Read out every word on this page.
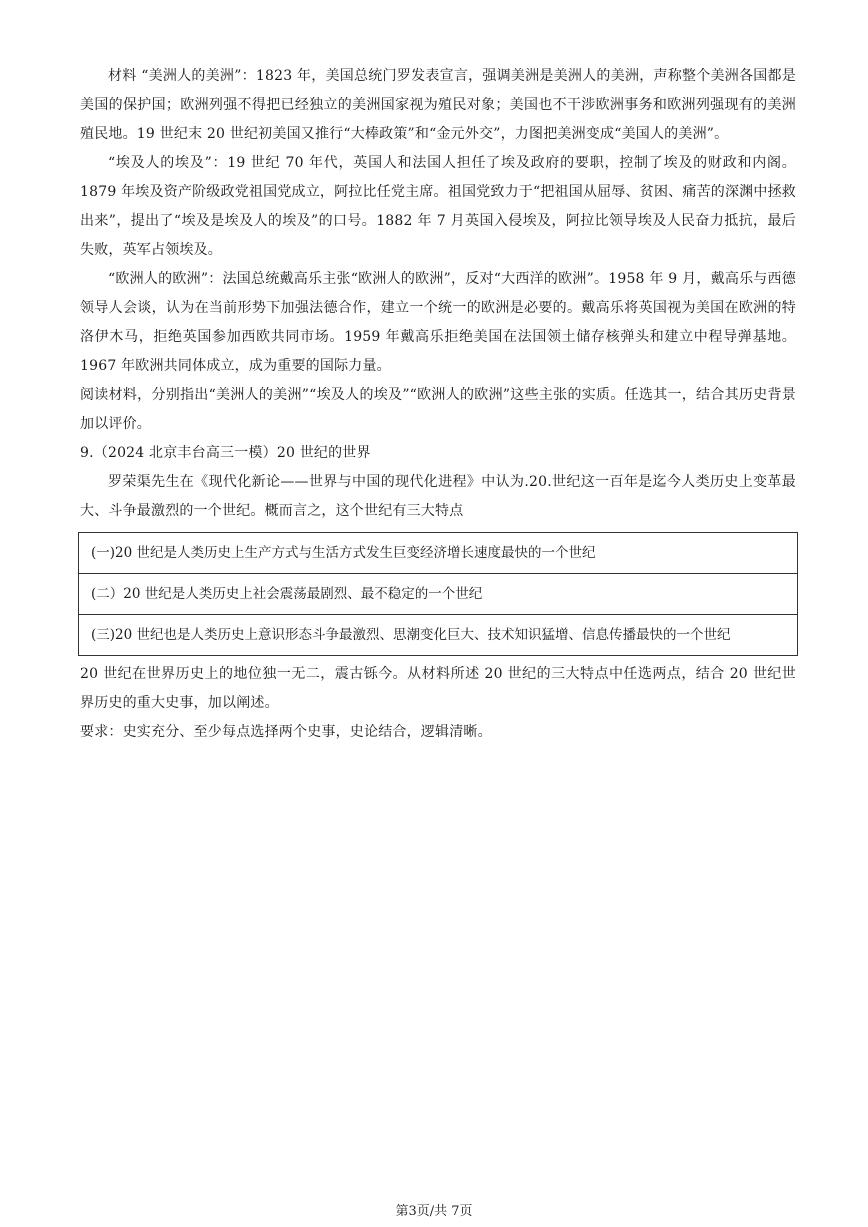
材料 “美洲人的美洲”：1823 年，美国总统门罗发表宣言，强调美洲是美洲人的美洲，声称整个美洲各国都是美国的保护国；欧洲列强不得把已经独立的美洲国家视为殖民对象；美国也不干涉欧洲事务和欧洲列强现有的美洲殖民地。19 世纪末 20 世纪初美国又推行“大棒政策”和“金元外交”，力图把美洲变成“美国人的美洲”。

“埃及人的埃及”：19 世纪 70 年代，英国人和法国人担任了埃及政府的要职，控制了埃及的财政和内阁。1879 年埃及资产阶级政党祖国党成立，阿拉比任党主席。祖国党致力于“把祖国从屈辱、贫困、痛苦的深渊中拯救出来”，提出了“埃及是埃及人的埃及”的口号。1882 年 7 月英国入侵埃及，阿拉比领导埃及人民奋力抵抗，最后失败，英军占领埃及。

“欧洲人的欧洲”：法国总统戴高乐主张“欧洲人的欧洲”，反对“大西洋的欧洲”。1958 年 9 月，戴高乐与西德领导人会谈，认为在当前形势下加强法德合作，建立一个统一的欧洲是必要的。戴高乐将英国视为美国在欧洲的特洛伊木马，拒绝英国参加西欧共同市场。1959 年戴高乐拒绝美国在法国领土储存核弹头和建立中程导弹基地。1967 年欧洲共同体成立，成为重要的国际力量。

阅读材料，分别指出“美洲人的美洲”“埃及人的埃及”“欧洲人的欧洲”这些主张的实质。任选其一，结合其历史背景加以评价。

9.（2024 北京丰台高三一模）20 世纪的世界

罗荣渠先生在《现代化新论——世界与中国的现代化进程》中认为.20.世纪这一百年是迄今人类历史上变革最大、斗争最激烈的一个世纪。概而言之，这个世纪有三大特点

(一)20 世纪是人类历史上生产方式与生活方式发生巨变经济增长速度最快的一个世纪
(二）20 世纪是人类历史上社会震荡最剧烈、最不稳定的一个世纪
(三)20 世纪也是人类历史上意识形态斗争最激烈、思潮变化巨大、技术知识猛增、信息传播最快的一个世纪

20 世纪在世界历史上的地位独一无二，震古铄今。从材料所述 20 世纪的三大特点中任选两点，结合 20 世纪世界历史的重大史事，加以阐述。

要求：史实充分、至少每点选择两个史事，史论结合，逻辑清晰。

第3页/共 7页
